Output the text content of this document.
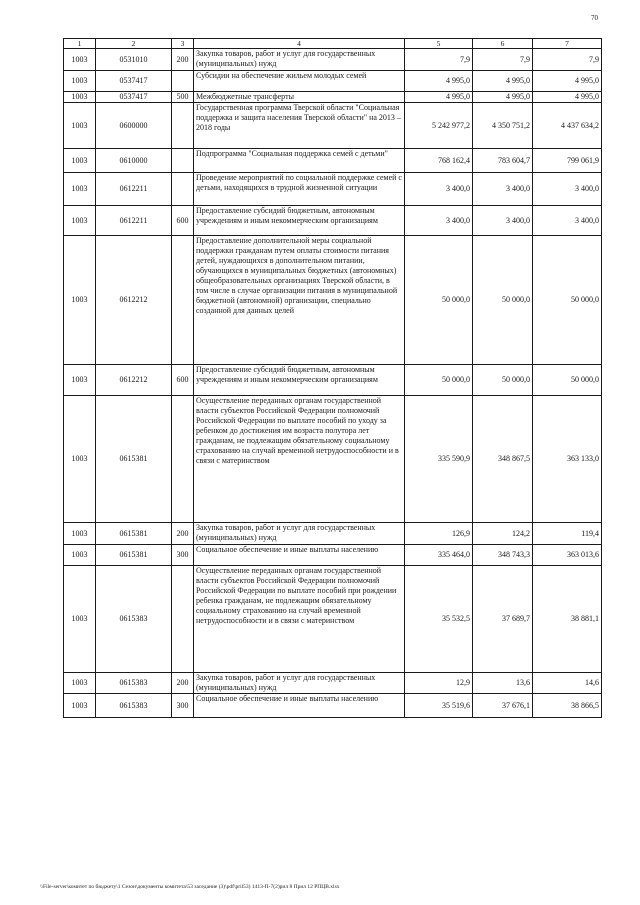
70
1	2	3	4	5	6	7
1003	0531010	200	Закупка товаров, работ и услуг для государственных (муниципальных) нужд	7,9	7,9	7,9
1003	0537417		Субсидии на обеспечение жильем молодых семей	4 995,0	4 995,0	4 995,0
1003	0537417	500	Межбюджетные трансферты	4 995,0	4 995,0	4 995,0
1003	0600000		Государственная программа Тверской области "Социальная поддержка и защита населения Тверской области" на 2013 – 2018 годы	5 242 977,2	4 350 751,2	4 437 634,2
1003	0610000		Подпрограмма "Социальная поддержка семей с детьми"	768 162,4	783 604,7	799 061,9
1003	0612211		Проведение мероприятий по социальной поддержке семей с детьми, находящихся в трудной жизненной ситуации	3 400,0	3 400,0	3 400,0
1003	0612211	600	Предоставление субсидий бюджетным, автономным учреждениям и иным некоммерческим организациям	3 400,0	3 400,0	3 400,0
1003	0612212		Предоставление дополнительной меры социальной поддержки гражданам путем оплаты стоимости питания детей, нуждающихся в дополнительном питании, обучающихся в муниципальных бюджетных (автономных) общеобразовательных организациях Тверской области, в том числе в случае организации питания в муниципальной бюджетной (автономной) организации, специально созданной для данных целей	50 000,0	50 000,0	50 000,0
1003	0612212	600	Предоставление субсидий бюджетным, автономным учреждениям и иным некоммерческим организациям	50 000,0	50 000,0	50 000,0
1003	0615381		Осуществление переданных органам государственной власти субъектов Российской Федерации полномочий Российской Федерации по выплате пособий по уходу за ребенком до достижения им возраста полутора лет гражданам, не подлежащим обязательному социальному страхованию на случай временной нетрудоспособности и в связи с материнством	335 590,9	348 867,5	363 133,0
1003	0615381	200	Закупка товаров, работ и услуг для государственных (муниципальных) нужд	126,9	124,2	119,4
1003	0615381	300	Социальное обеспечение и иные выплаты населению	335 464,0	348 743,3	363 013,6
1003	0615383		Осуществление переданных органам государственной власти субъектов Российской Федерации полномочий Российской Федерации по выплате пособий при рождении ребенка гражданам, не подлежащим обязательному социальному страхованию на случай временной нетрудоспособности и в связи с материнством	35 532,5	37 689,7	38 881,1
1003	0615383	200	Закупка товаров, работ и услуг для государственных (муниципальных) нужд	12,9	13,6	14,6
1003	0615383	300	Социальное обеспечение и иные выплаты населению	35 519,6	37 676,1	38 866,5
\\File-server\комитет по бюджету\1 Сезон\документы комитета\53 заседание (3)\pdf\pril53) 1413-П-7(2)рил 8 Прил 12 РПЦВ.xlsx
